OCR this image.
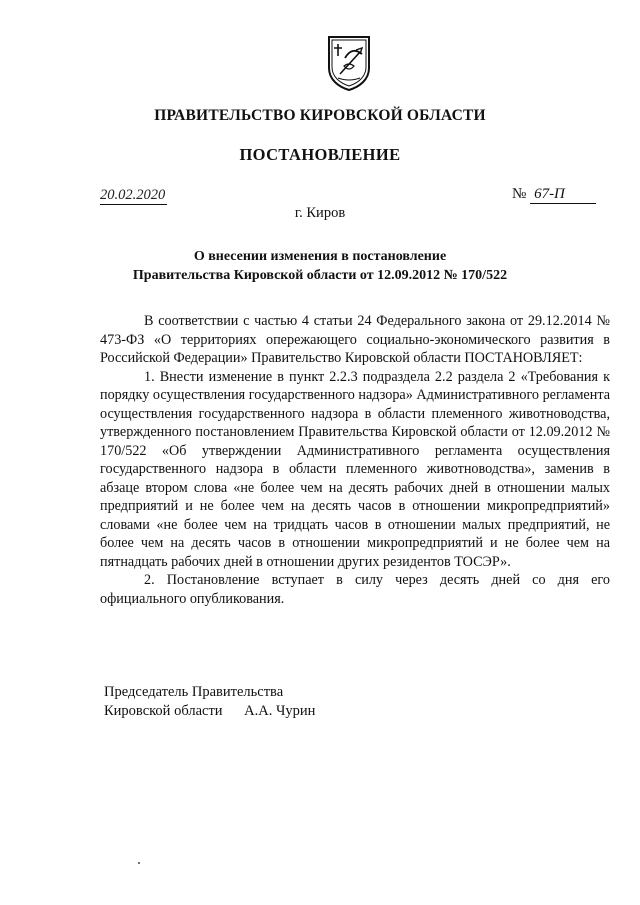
ПРАВИТЕЛЬСТВО КИРОВСКОЙ ОБЛАСТИ
ПОСТАНОВЛЕНИЕ
20.02.2020	№ 67-П
г. Киров
О внесении изменения в постановление
Правительства Кировской области от 12.09.2012 № 170/522

В соответствии с частью 4 статьи 24 Федерального закона от 29.12.2014 № 473-ФЗ «О территориях опережающего социально-экономического развития в Российской Федерации» Правительство Кировской области ПОСТАНОВЛЯЕТ:

1. Внести изменение в пункт 2.2.3 подраздела 2.2 раздела 2 «Требования к порядку осуществления государственного надзора» Административного регламента осуществления государственного надзора в области племенного животноводства, утвержденного постановлением Правительства Кировской области от 12.09.2012 № 170/522 «Об утверждении Административного регламента осуществления государственного надзора в области племенного животноводства», заменив в абзаце втором слова «не более чем на десять рабочих дней в отношении малых предприятий и не более чем на десять часов в отношении микропредприятий» словами «не более чем на тридцать часов в отношении малых предприятий, не более чем на десять часов в отношении микропредприятий и не более чем на пятнадцать рабочих дней в отношении других резидентов ТОСЭР».

2. Постановление вступает в силу через десять дней со дня его официального опубликования.

Председатель Правительства
Кировской области А.А. Чурин
